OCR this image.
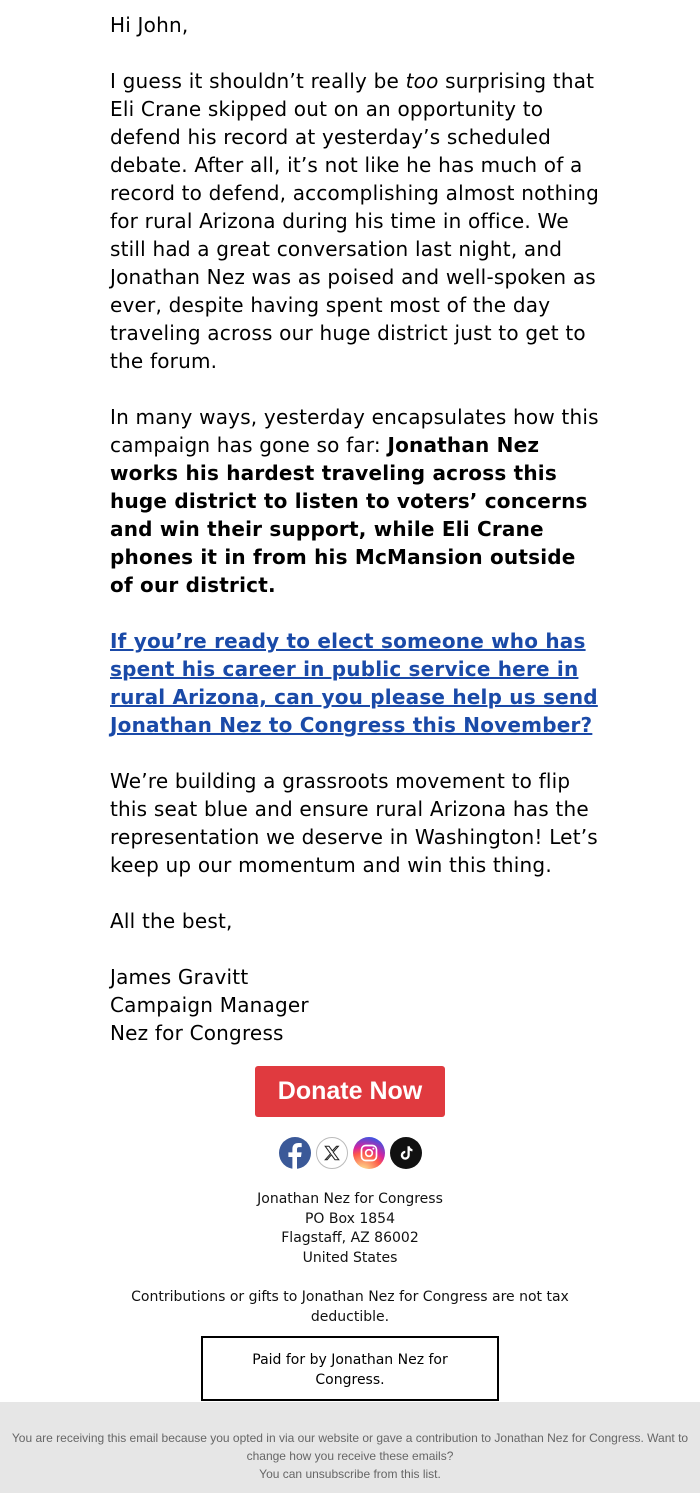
Hi John,

I guess it shouldn’t really be too surprising that Eli Crane skipped out on an opportunity to defend his record at yesterday’s scheduled debate. After all, it’s not like he has much of a record to defend, accomplishing almost nothing for rural Arizona during his time in office. We still had a great conversation last night, and Jonathan Nez was as poised and well-spoken as ever, despite having spent most of the day traveling across our huge district just to get to the forum.

In many ways, yesterday encapsulates how this campaign has gone so far: Jonathan Nez works his hardest traveling across this huge district to listen to voters’ concerns and win their support, while Eli Crane phones it in from his McMansion outside of our district.

If you’re ready to elect someone who has spent his career in public service here in rural Arizona, can you please help us send Jonathan Nez to Congress this November?

We’re building a grassroots movement to flip this seat blue and ensure rural Arizona has the representation we deserve in Washington! Let’s keep up our momentum and win this thing.

All the best,

James Gravitt
Campaign Manager
Nez for Congress

Donate Now
Jonathan Nez for Congress
PO Box 1854
Flagstaff, AZ 86002
United States
Contributions or gifts to Jonathan Nez for Congress are not tax deductible.
Paid for by Jonathan Nez for Congress.
You are receiving this email because you opted in via our website or gave a contribution to Jonathan Nez for Congress. Want to change how you receive these emails?
You can unsubscribe from this list.
